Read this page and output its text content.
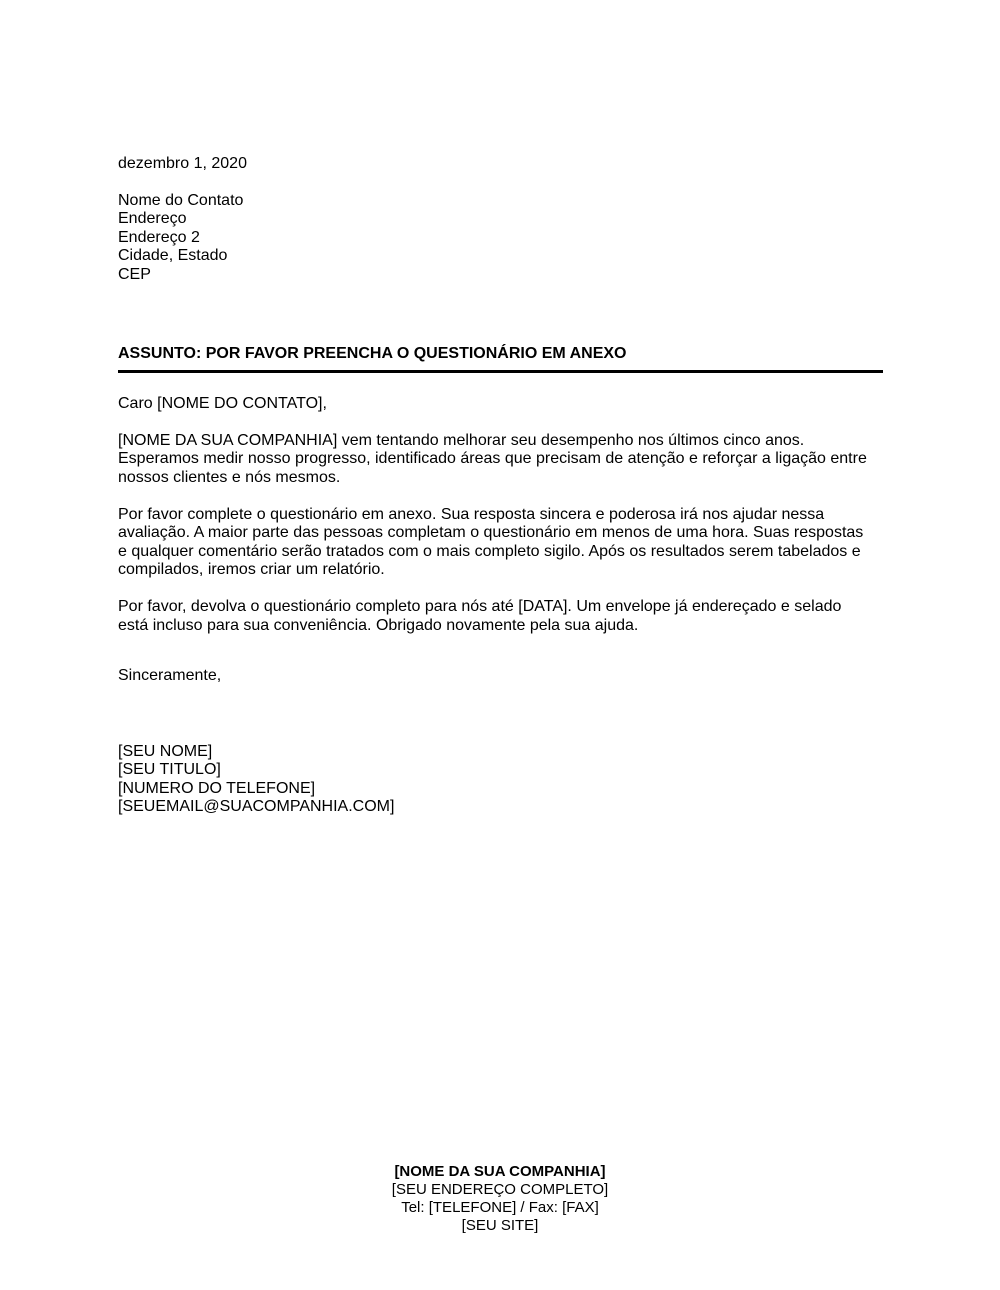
dezembro 1, 2020
Nome do Contato
Endereço
Endereço 2
Cidade, Estado
CEP
ASSUNTO: POR FAVOR PREENCHA O QUESTIONÁRIO EM ANEXO
Caro [NOME DO CONTATO],
[NOME DA SUA COMPANHIA] vem tentando melhorar seu desempenho nos últimos cinco anos.
Esperamos medir nosso progresso, identificado áreas que precisam de atenção e reforçar a ligação entre
nossos clientes e nós mesmos.
Por favor complete o questionário em anexo. Sua resposta sincera e poderosa irá nos ajudar nessa
avaliação. A maior parte das pessoas completam o questionário em menos de uma hora. Suas respostas
e qualquer comentário serão tratados com o mais completo sigilo. Após os resultados serem tabelados e
compilados, iremos criar um relatório.
Por favor, devolva o questionário completo para nós até [DATA]. Um envelope já endereçado e selado
está incluso para sua conveniência. Obrigado novamente pela sua ajuda.
Sinceramente,
[SEU NOME]
[SEU TITULO]
[NUMERO DO TELEFONE]
[SEUEMAIL@SUACOMPANHIA.COM]
[NOME DA SUA COMPANHIA]
[SEU ENDEREÇO COMPLETO]
Tel: [TELEFONE] / Fax: [FAX]
[SEU SITE]
